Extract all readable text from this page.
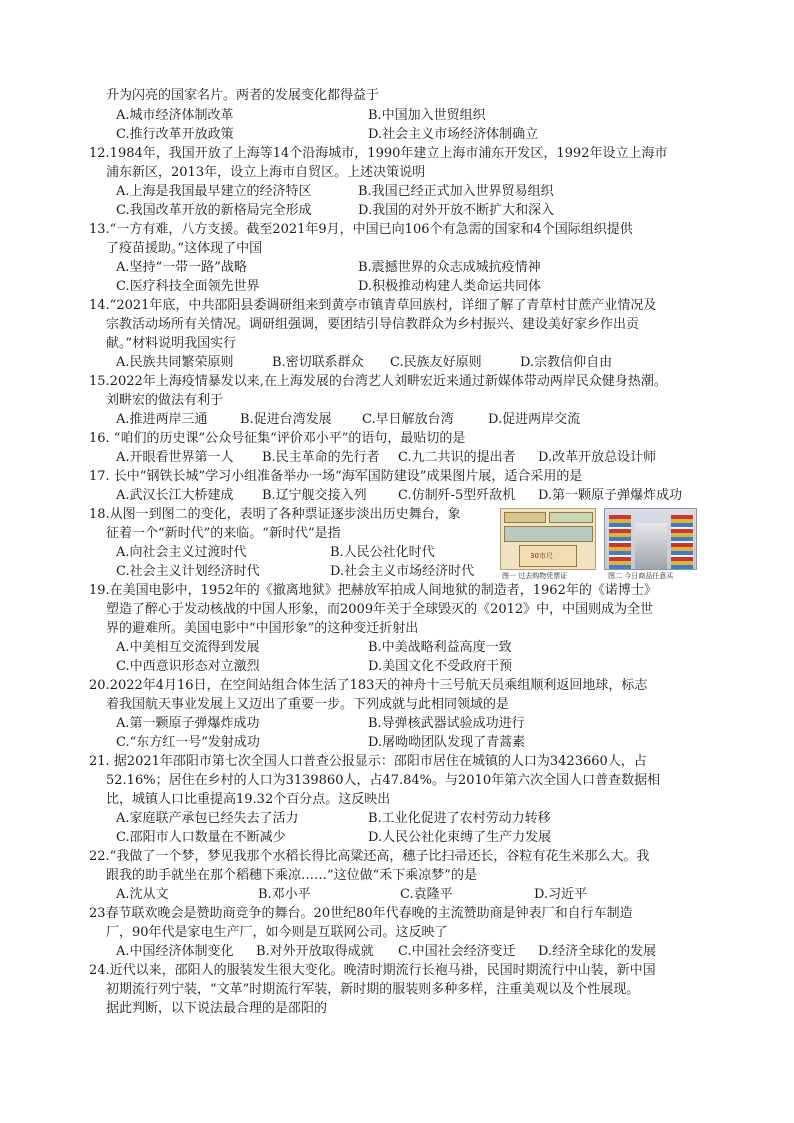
升为闪亮的国家名片。两者的发展变化都得益于
A.城市经济体制改革	B.中国加入世贸组织
C.推行改革开放政策	D.社会主义市场经济体制确立
12.1984年，我国开放了上海等14个沿海城市，1990年建立上海市浦东开发区，1992年设立上海市
浦东新区，2013年，设立上海市自贸区。上述决策说明
A.上海是我国最早建立的经济特区	B.我国已经正式加入世界贸易组织
C.我国改革开放的新格局完全形成	D.我国的对外开放不断扩大和深入
13.“一方有难，八方支援。截至2021年9月，中国已向106个有急需的国家和4个国际组织提供
了疫苗援助。”这体现了中国
A.坚持“一带一路”战略	B.震撼世界的众志成城抗疫情神
C.医疗科技全面领先世界	D.积极推动构建人类命运共同体
14.“2021年底，中共邵阳县委调研组来到黄亭市镇青草回族村，详细了解了青草村甘蔗产业情况及
宗教活动场所有关情况。调研组强调，要团结引导信教群众为乡村振兴、建设美好家乡作出贡
献。”材料说明我国实行
A.民族共同繁荣原则	B.密切联系群众 C.民族友好原则	D.宗教信仰自由
15.2022年上海疫情暴发以来,在上海发展的台湾艺人刘畊宏近来通过新媒体带动两岸民众健身热潮。
刘畊宏的做法有利于
A.推进两岸三通 B.促进台湾发展 C.早日解放台湾	D.促进两岸交流
16. “咱们的历史课”公众号征集“评价邓小平”的语句，最贴切的是
A.开眼看世界第一人 B.民主革命的先行者 C.九二共识的提出者 D.改革开放总设计师
17. 长中“钢铁长城”学习小组准备举办一场“海军国防建设”成果图片展，适合采用的是
A.武汉长江大桥建成 B.辽宁舰交接入列 C.仿制歼-5型歼敌机 D.第一颗原子弹爆炸成功
18.从图一到图二的变化，表明了各种票证逐步淡出历史舞台，象
征着一个“新时代”的来临。“新时代”是指
A.向社会主义过渡时代	B.人民公社化时代
C.社会主义计划经济时代	D.社会主义市场经济时代
19.在美国电影中，1952年的《撤离地狱》把赫放军拍成人间地狱的制造者，1962年的《诺博士》
塑造了醉心于发动核战的中国人形象，而2009年关于全球毁灭的《2012》中，中国则成为全世
界的避难所。美国电影中“中国形象”的这种变迁折射出
A.中美相互交流得到发展	B.中美战略利益高度一致
C.中西意识形态对立激烈	D.美国文化不受政府干预
20.2022年4月16日，在空间站组合体生活了183天的神舟十三号航天员乘组顺利返回地球，标志
着我国航天事业发展上又迈出了重要一步。下列成就与此相同领域的是
A.第一颗原子弹爆炸成功	B.导弹核武器试验成功进行
C.“东方红一号”发射成功	D.屠呦呦团队发现了青蒿素
21. 据2021年邵阳市第七次全国人口普查公报显示：邵阳市居住在城镇的人口为3423660人，占
52.16%；居住在乡村的人口为3139860人，占47.84%。与2010年第六次全国人口普查数据相
比，城镇人口比重提高19.32个百分点。这反映出
A.家庭联产承包已经失去了活力	B.工业化促进了农村劳动力转移
C.邵阳市人口数量在不断减少	D.人民公社化束缚了生产力发展
22.“我做了一个梦，梦见我那个水稻长得比高粱还高，穗子比扫帚还长，谷粒有花生米那么大。我
跟我的助手就坐在那个稻穗下乘凉……”这位做“禾下乘凉梦”的是
A.沈从文	B.邓小平	C.袁隆平	D.习近平
23春节联欢晚会是赞助商竞争的舞台。20世纪80年代春晚的主流赞助商是钟表厂和自行车制造
厂，90年代是家电生产厂，如今则是互联网公司。这反映了
A.中国经济体制变化 B.对外开放取得成就 C.中国社会经济变迁 D.经济全球化的发展
24.近代以来，邵阳人的服装发生很大变化。晚清时期流行长袍马褂，民国时期流行中山装，新中国
初期流行列宁装，“文革”时期流行军装，新时期的服装则多种多样，注重美观以及个性展现。
据此判断，以下说法最合理的是邵阳的
30市尺
图一 过去购物凭票证	图二 今日商品任意买
